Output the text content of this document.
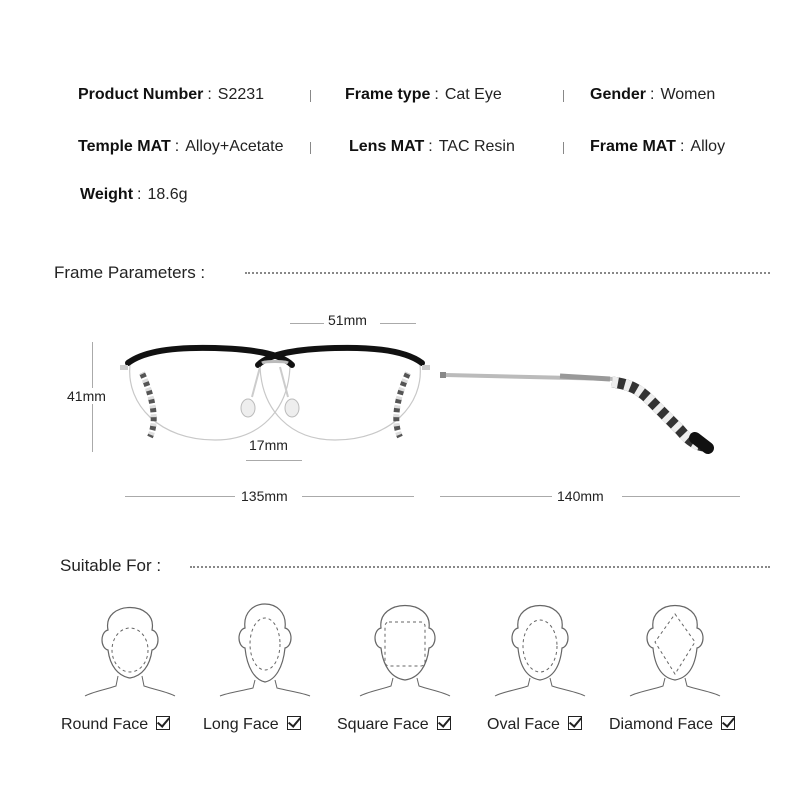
Product Number : S2231	Frame type : Cat Eye	Gender : Women
Temple MAT : Alloy+Acetate	Lens MAT : TAC Resin	Frame MAT : Alloy
Weight : 18.6g
Frame Parameters :
51mm
41mm
17mm
135mm	140mm
Suitable For :
Round Face	Long Face	Square Face	Oval Face	Diamond Face
